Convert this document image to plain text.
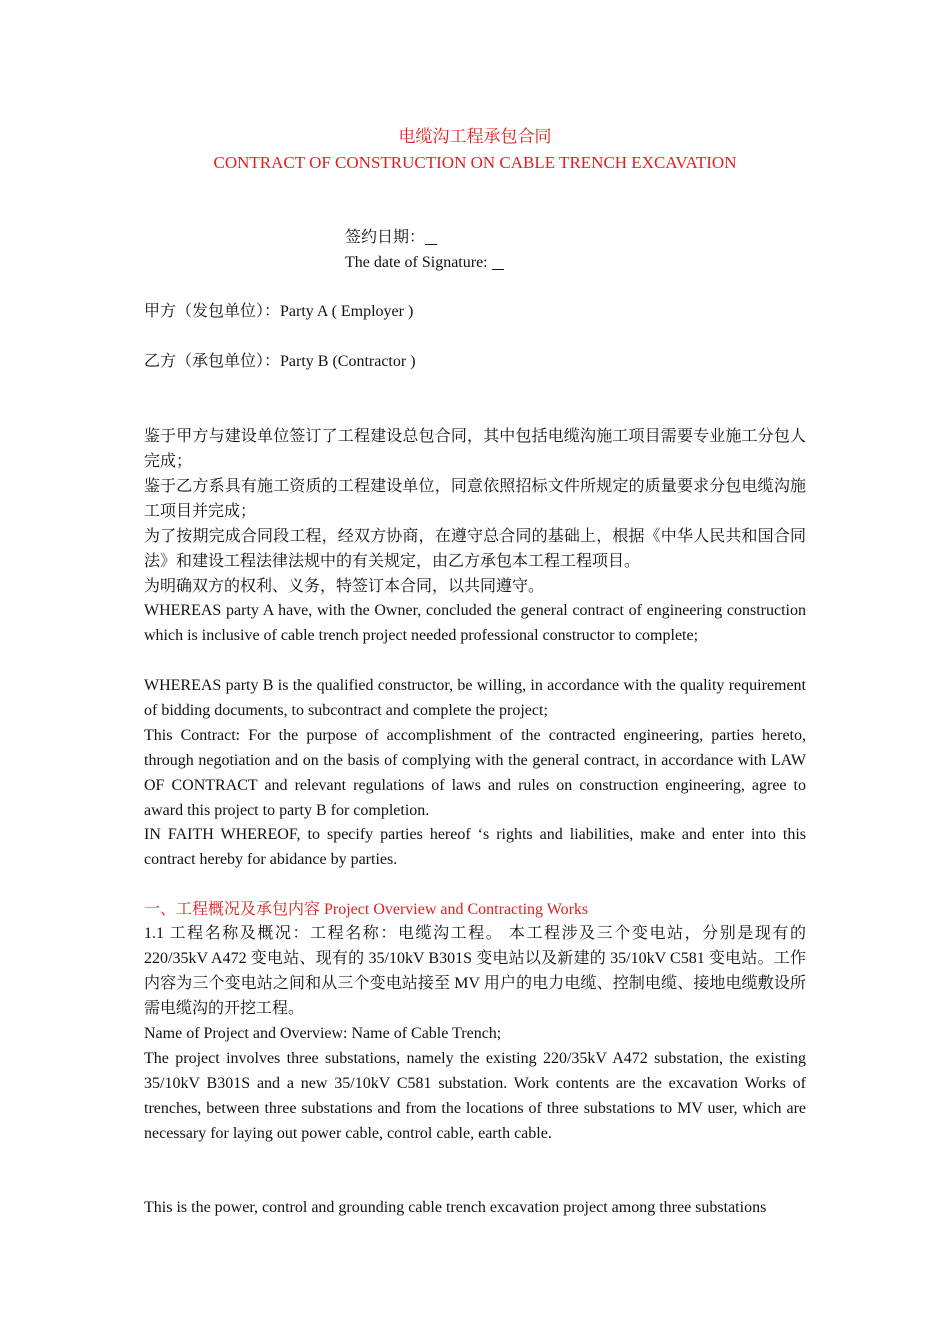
电缆沟工程承包合同
CONTRACT OF CONSTRUCTION ON CABLE TRENCH EXCAVATION
签约日期：
The date of Signature:
甲方（发包单位）：Party A ( Employer )
乙方（承包单位）：Party B (Contractor )
鉴于甲方与建设单位签订了工程建设总包合同，其中包括电缆沟施工项目需要专业施工分包人完成；
鉴于乙方系具有施工资质的工程建设单位，同意依照招标文件所规定的质量要求分包电缆沟施工项目并完成；
为了按期完成合同段工程，经双方协商，在遵守总合同的基础上，根据《中华人民共和国合同法》和建设工程法律法规中的有关规定，由乙方承包本工程工程项目。
为明确双方的权利、义务，特签订本合同，以共同遵守。
WHEREAS party A have, with the Owner, concluded the general contract of engineering construction which is inclusive of cable trench project needed professional constructor to complete;
WHEREAS party B is the qualified constructor, be willing, in accordance with the quality requirement of bidding documents, to subcontract and complete the project;
This Contract: For the purpose of accomplishment of the contracted engineering, parties hereto, through negotiation and on the basis of complying with the general contract, in accordance with LAW OF CONTRACT and relevant regulations of laws and rules on construction engineering, agree to award this project to party B for completion.
IN FAITH WHEREOF, to specify parties hereof ‘s rights and liabilities, make and enter into this contract hereby for abidance by parties.
一、工程概况及承包内容 Project Overview and Contracting Works
1.1 工程名称及概况：工程名称：电缆沟工程。 本工程涉及三个变电站，分别是现有的220/35kV A472 变电站、现有的 35/10kV B301S 变电站以及新建的 35/10kV C581 变电站。工作内容为三个变电站之间和从三个变电站接至 MV 用户的电力电缆、控制电缆、接地电缆敷设所需电缆沟的开挖工程。
Name of Project and Overview: Name of Cable Trench;
The project involves three substations, namely the existing 220/35kV A472 substation, the existing 35/10kV B301S and a new 35/10kV C581 substation. Work contents are the excavation Works of trenches, between three substations and from the locations of three substations to MV user, which are necessary for laying out power cable, control cable, earth cable.
This is the power, control and grounding cable trench excavation project among three substations
